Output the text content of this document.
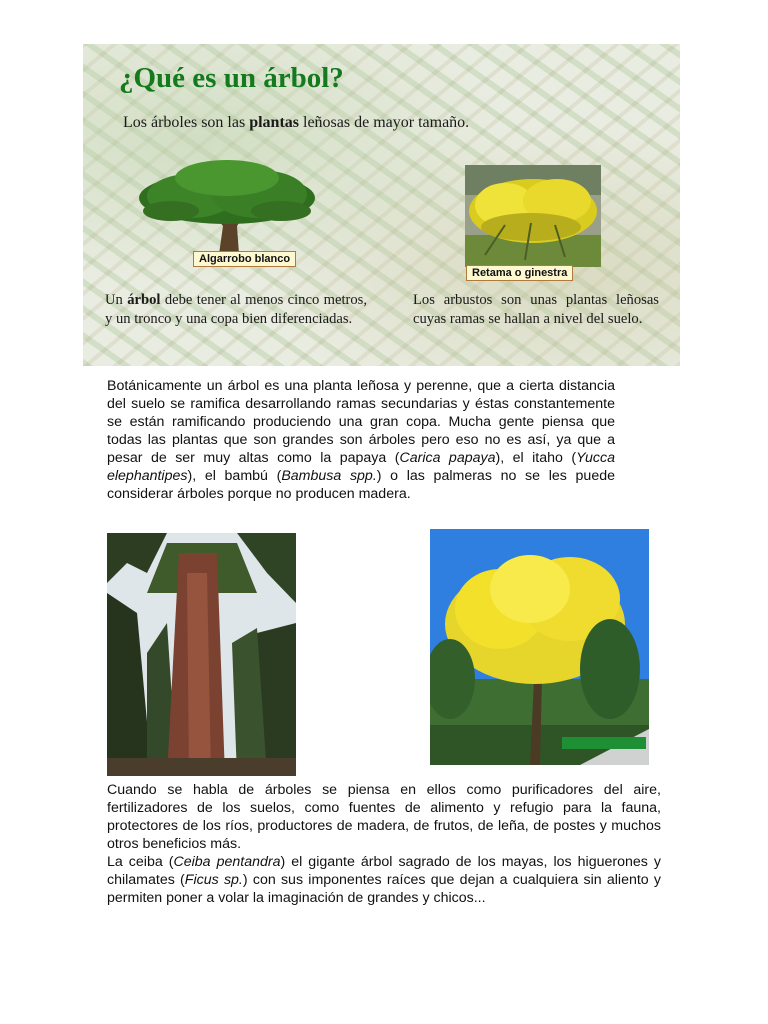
¿Qué es un árbol?
Los árboles son las plantas leñosas de mayor tamaño.
Algarrobo blanco
Retama o ginestra
Un árbol debe tener al menos cinco metros, y un tronco y una copa bien diferenciadas.
Los arbustos son unas plantas leñosas cuyas ramas se hallan a nivel del suelo.
Botánicamente un árbol es una planta leñosa y perenne, que a cierta distancia del suelo se ramifica desarrollando ramas secundarias y éstas constantemente se están ramificando produciendo una gran copa. Mucha gente piensa que todas las plantas que son grandes son árboles pero eso no es así, ya que a pesar de ser muy altas como la papaya (Carica papaya), el itaho (Yucca elephantipes), el bambú (Bambusa spp.) o las palmeras no se les puede considerar árboles porque no producen madera.
Cuando se habla de árboles se piensa en ellos como purificadores del aire, fertilizadores de los suelos, como fuentes de alimento y refugio para la fauna, protectores de los ríos, productores de madera, de frutos, de leña, de postes y muchos otros beneficios más.
La ceiba (Ceiba pentandra) el gigante árbol sagrado de los mayas, los higuerones y chilamates (Ficus sp.) con sus imponentes raíces que dejan a cualquiera sin aliento y permiten poner a volar la imaginación de grandes y chicos...
